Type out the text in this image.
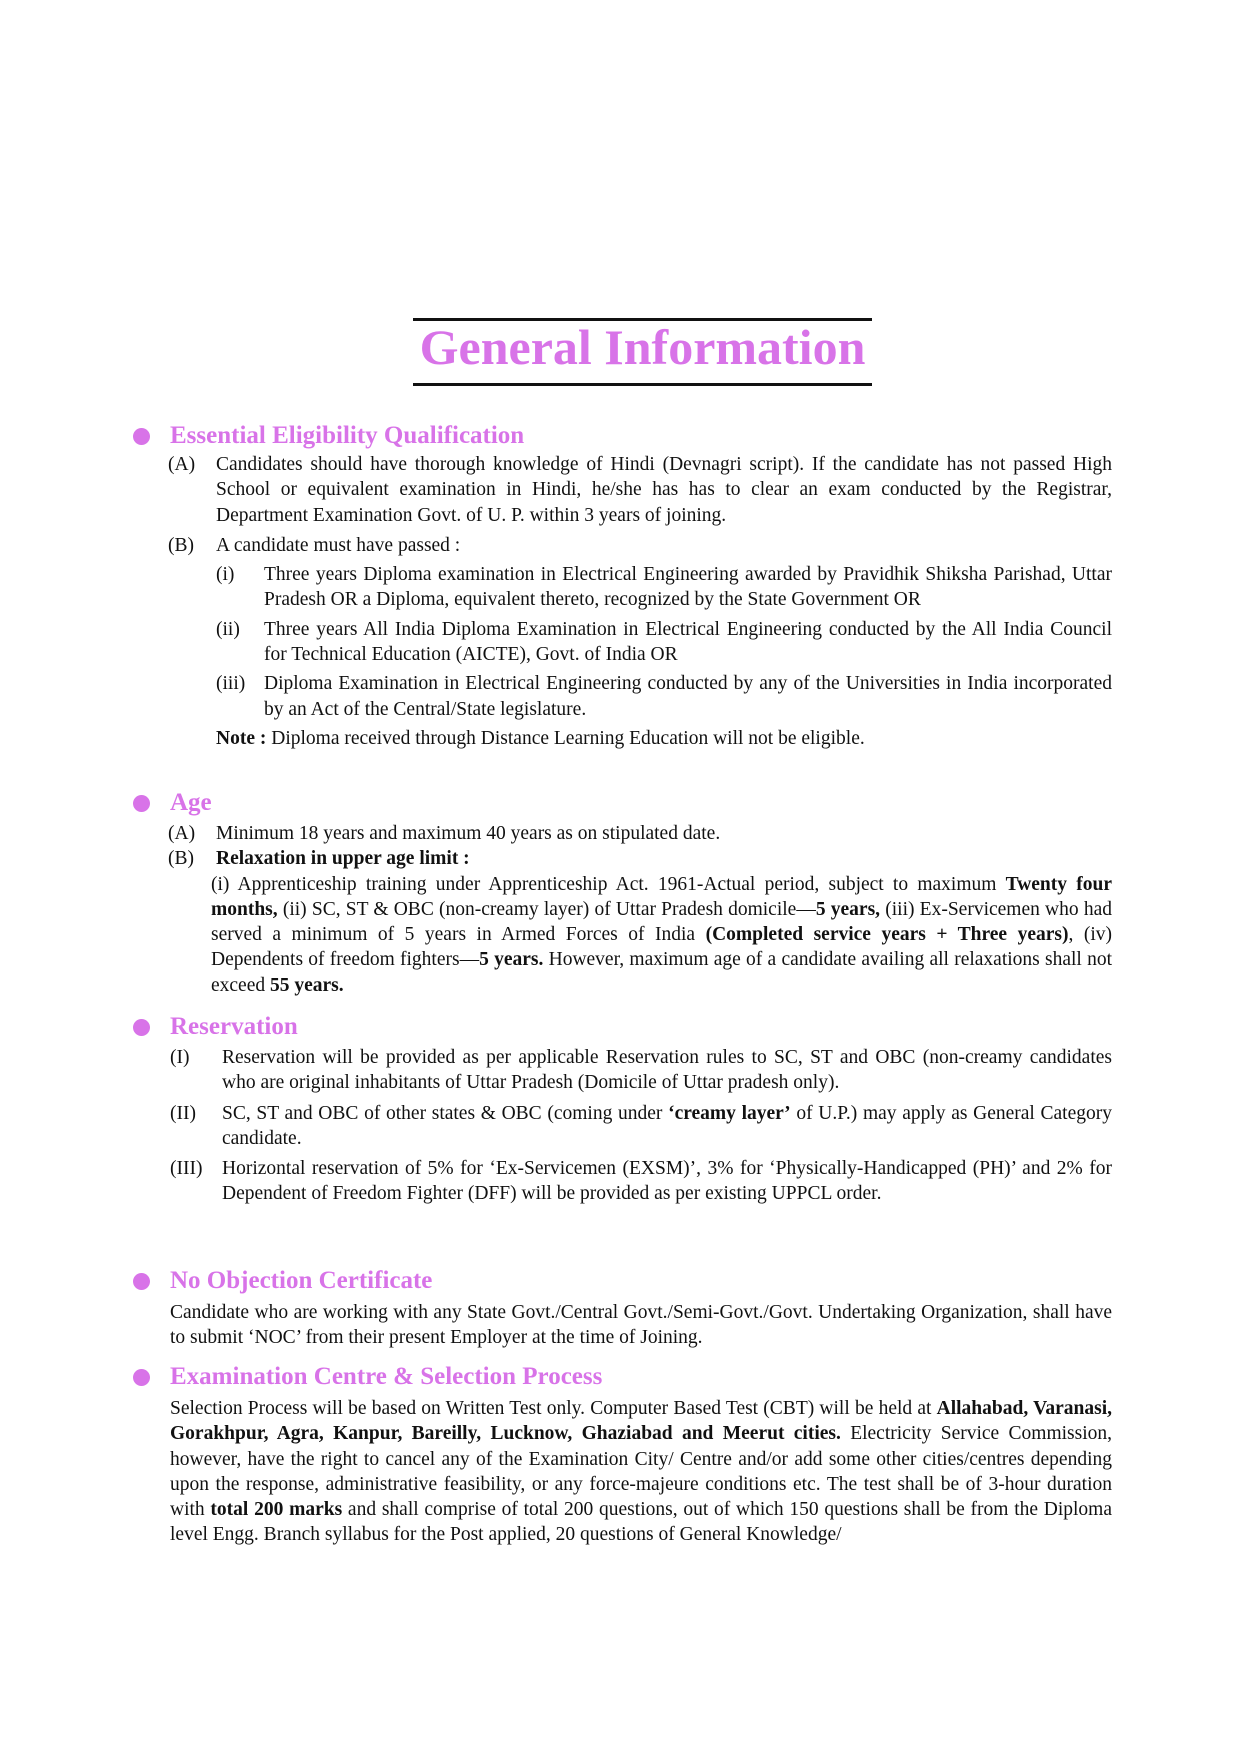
General Information
Essential Eligibility Qualification
(A) Candidates should have thorough knowledge of Hindi (Devnagri script). If the candidate has not passed High School or equivalent examination in Hindi, he/she has has to clear an exam conducted by the Registrar, Department Examination Govt. of U. P. within 3 years of joining.
(B) A candidate must have passed :
(i) Three years Diploma examination in Electrical Engineering awarded by Pravidhik Shiksha Parishad, Uttar Pradesh OR a Diploma, equivalent thereto, recognized by the State Government OR
(ii) Three years All India Diploma Examination in Electrical Engineering conducted by the All India Council for Technical Education (AICTE), Govt. of India OR
(iii) Diploma Examination in Electrical Engineering conducted by any of the Universities in India incorporated by an Act of the Central/State legislature.
Note : Diploma received through Distance Learning Education will not be eligible.
Age
(A) Minimum 18 years and maximum 40 years as on stipulated date.
(B) Relaxation in upper age limit :
(i) Apprenticeship training under Apprenticeship Act. 1961-Actual period, subject to maximum Twenty four months, (ii) SC, ST & OBC (non-creamy layer) of Uttar Pradesh domicile—5 years, (iii) Ex-Servicemen who had served a minimum of 5 years in Armed Forces of India (Completed service years + Three years), (iv) Dependents of freedom fighters—5 years. However, maximum age of a candidate availing all relaxations shall not exceed 55 years.
Reservation
(I) Reservation will be provided as per applicable Reservation rules to SC, ST and OBC (non-creamy candidates who are original inhabitants of Uttar Pradesh (Domicile of Uttar pradesh only).
(II) SC, ST and OBC of other states & OBC (coming under ‘creamy layer’ of U.P.) may apply as General Category candidate.
(III) Horizontal reservation of 5% for ‘Ex-Servicemen (EXSM)’, 3% for ‘Physically-Handicapped (PH)’ and 2% for Dependent of Freedom Fighter (DFF) will be provided as per existing UPPCL order.
No Objection Certificate
Candidate who are working with any State Govt./Central Govt./Semi-Govt./Govt. Undertaking Organization, shall have to submit ‘NOC’ from their present Employer at the time of Joining.
Examination Centre & Selection Process
Selection Process will be based on Written Test only. Computer Based Test (CBT) will be held at Allahabad, Varanasi, Gorakhpur, Agra, Kanpur, Bareilly, Lucknow, Ghaziabad and Meerut cities. Electricity Service Commission, however, have the right to cancel any of the Examination City/ Centre and/or add some other cities/centres depending upon the response, administrative feasibility, or any force-majeure conditions etc. The test shall be of 3-hour duration with total 200 marks and shall comprise of total 200 questions, out of which 150 questions shall be from the Diploma level Engg. Branch syllabus for the Post applied, 20 questions of General Knowledge/
